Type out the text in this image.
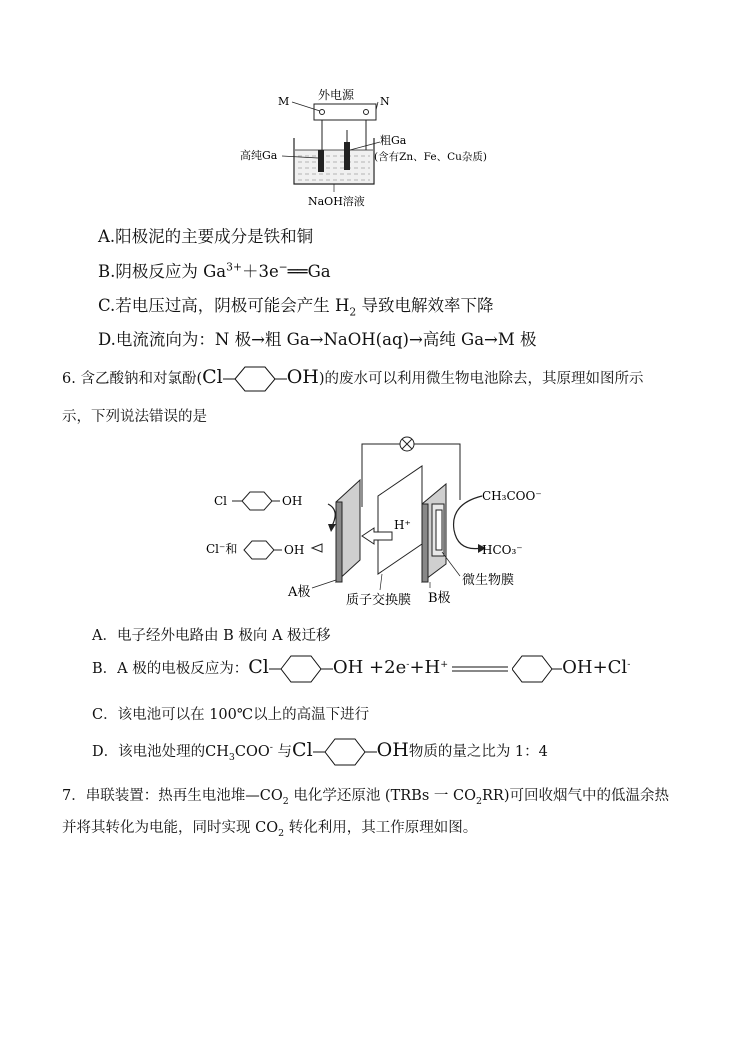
外电源
M	N
高纯Ga
粗Ga
(含有Zn、Fe、Cu杂质)
NaOH溶液
A.阳极泥的主要成分是铁和铜
B.阴极反应为 $Ga^{3+}+3e^-══Ga$
C.若电压过高，阴极可能会产生 $H_2$ 导致电解效率下降
D.电流流向为：N 极→粗 Ga→NaOH(aq)→高纯 Ga→M 极
6. 含乙酸钠和对氯酚(Cl	OH)的废水可以利用微生物电池除去，其原理如图所示
示，下列说法错误的是
H⁺
Cl	OH
Cl⁻和	OH
CH₃COO⁻
HCO₃⁻
A极	B极
质子交换膜
微生物膜
A．电子经外电路由 B 极向 A 极迁移
B．A 极的电极反应为：Cl	OH +2e-+H+	OH+Cl-
C．该电池可以在 100℃以上的高温下进行
D．该电池处理的$CH_3COO^-$ 与Cl	OH物质的量之比为 1：4
7．串联装置：热再生电池堆$—CO_2$ 电化学还原池 (TRBs 一 $CO_2RR$)可回收烟气中的低温余热
并将其转化为电能，同时实现 $CO_2$ 转化利用，其工作原理如图。
